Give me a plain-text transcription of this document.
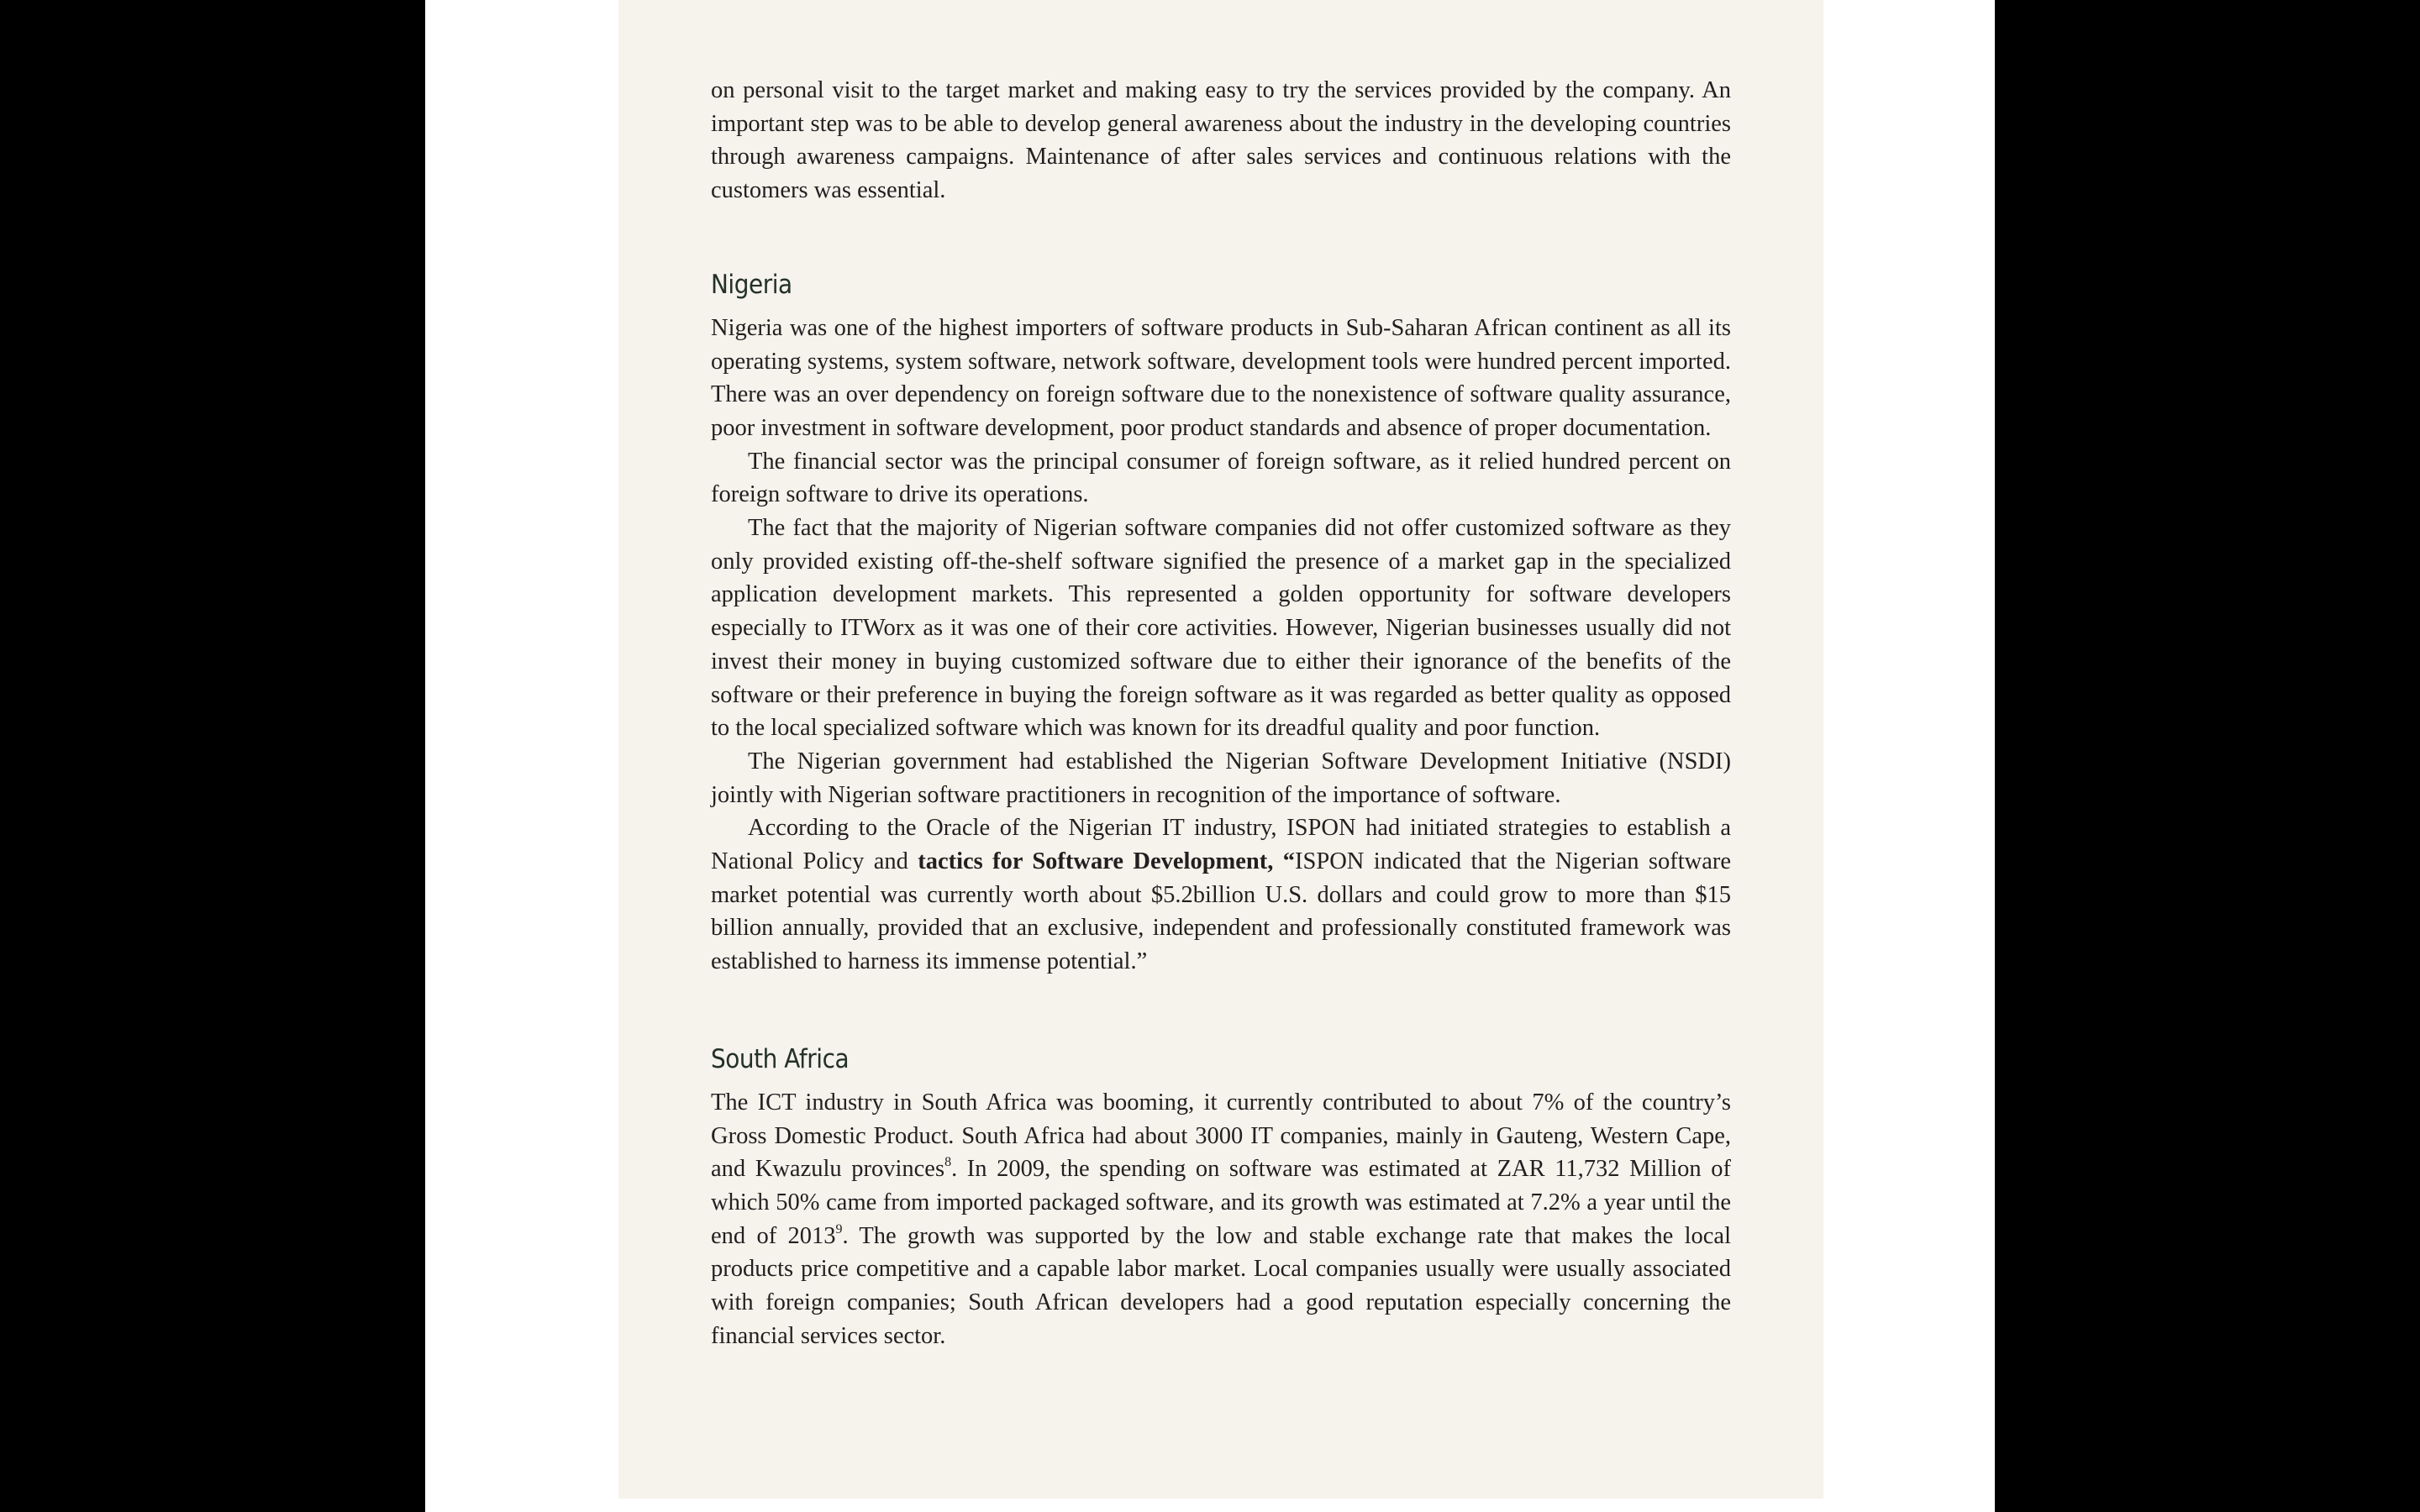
on personal visit to the target market and making easy to try the services provided by the company. An important step was to be able to develop general awareness about the industry in the developing countries through awareness campaigns. Maintenance of after sales services and continuous relations with the customers was essential.

Nigeria

Nigeria was one of the highest importers of software products in Sub-Saharan African continent as all its operating systems, system software, network software, development tools were hundred percent imported. There was an over dependency on foreign software due to the nonexistence of software quality assurance, poor investment in software development, poor product standards and absence of proper documentation.

The financial sector was the principal consumer of foreign software, as it relied hundred percent on foreign software to drive its operations.

The fact that the majority of Nigerian software companies did not offer customized software as they only provided existing off-the-shelf software signified the presence of a market gap in the specialized application development markets. This represented a golden opportunity for software developers especially to ITWorx as it was one of their core activities. However, Nigerian businesses usually did not invest their money in buying customized software due to either their ignorance of the benefits of the software or their preference in buying the foreign software as it was regarded as better quality as opposed to the local specialized software which was known for its dreadful quality and poor function.

The Nigerian government had established the Nigerian Software Development Initiative (NSDI) jointly with Nigerian software practitioners in recognition of the importance of software.

According to the Oracle of the Nigerian IT industry, ISPON had initiated strategies to establish a National Policy and tactics for Software Development, “ISPON indicated that the Nigerian software market potential was currently worth about $5.2billion U.S. dollars and could grow to more than $15 billion annually, provided that an exclusive, independent and professionally constituted framework was established to harness its immense potential.”

South Africa

The ICT industry in South Africa was booming, it currently contributed to about 7% of the country’s Gross Domestic Product. South Africa had about 3000 IT companies, mainly in Gauteng, Western Cape, and Kwazulu provinces$^8$. In 2009, the spending on software was estimated at ZAR 11,732 Million of which 50% came from imported packaged software, and its growth was estimated at 7.2% a year until the end of 2013$^9$. The growth was supported by the low and stable exchange rate that makes the local products price competitive and a capable labor market. Local companies usually were usually associated with foreign companies; South African developers had a good reputation especially concerning the financial services sector.
